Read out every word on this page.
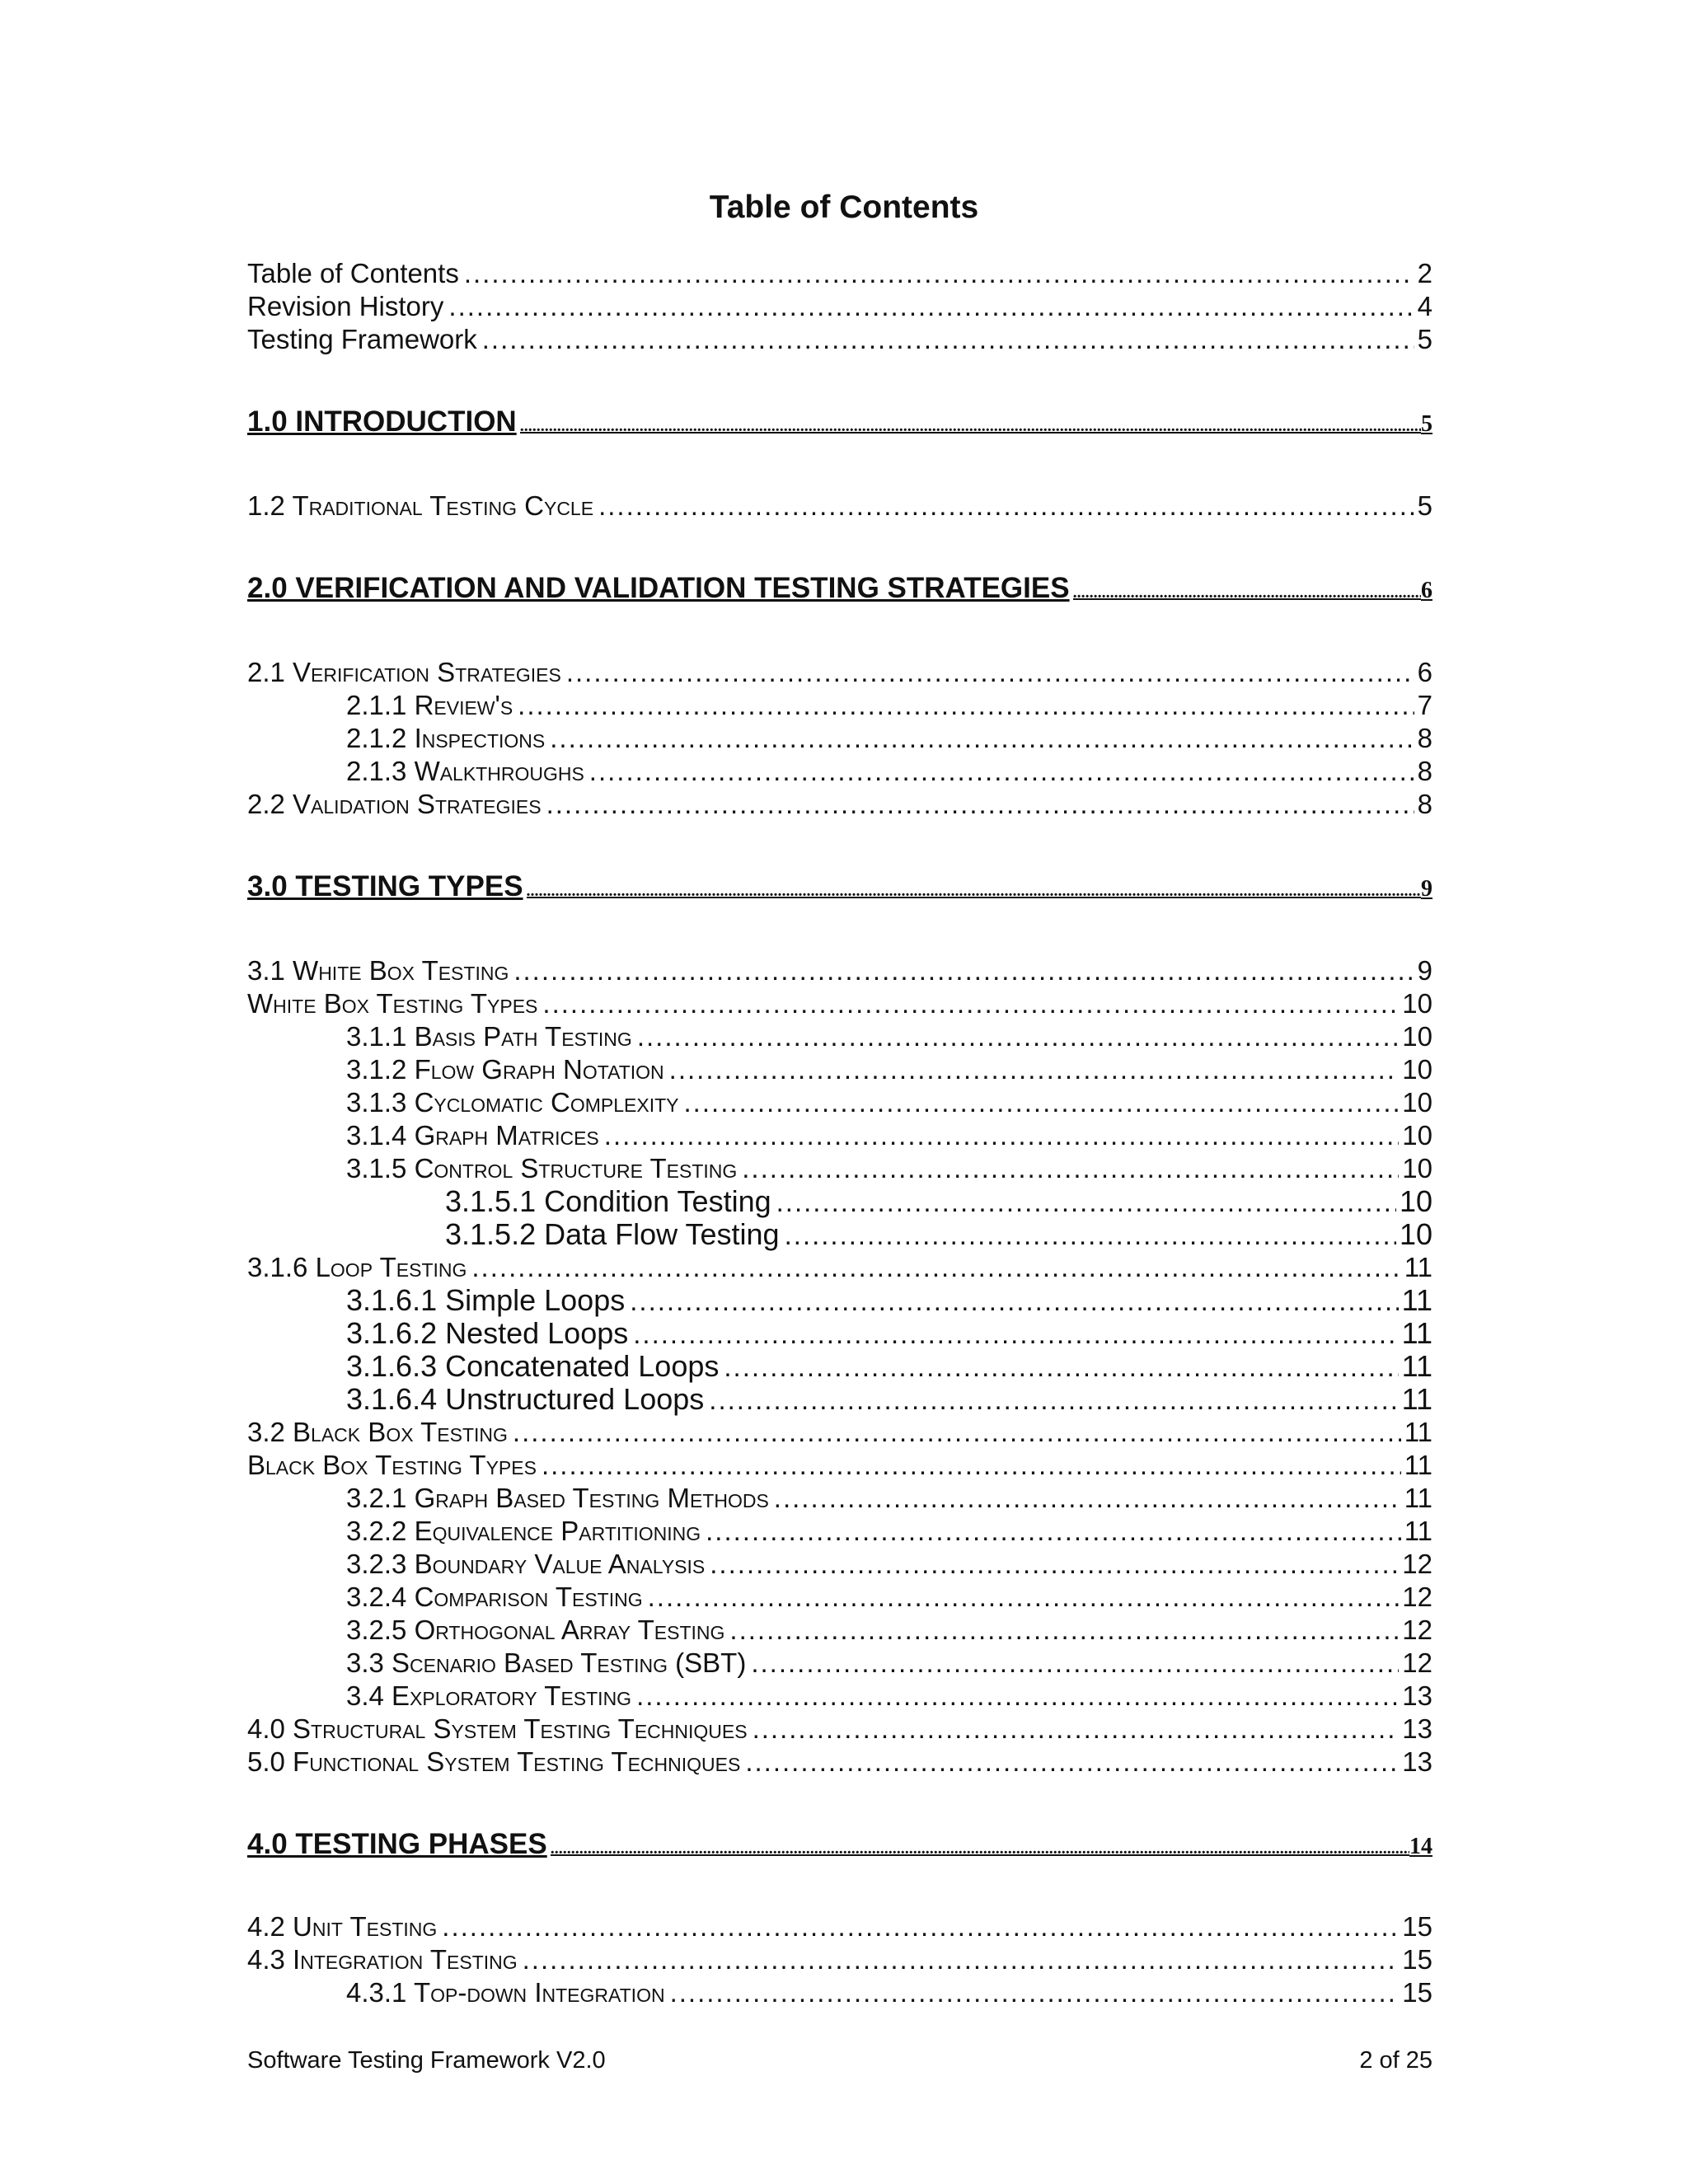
Table of Contents
Table of Contents .....	2
Revision History .....	4
Testing Framework .....	5
1.0 INTRODUCTION .....	5
1.2 Traditional Testing Cycle .....	5
2.0 VERIFICATION AND VALIDATION TESTING STRATEGIES .....	6
2.1 Verification Strategies .....	6
2.1.1 Review's .....	7
2.1.2 Inspections .....	8
2.1.3 Walkthroughs .....	8
2.2 Validation Strategies .....	8
3.0 TESTING TYPES .....	9
3.1 White Box Testing .....	9
White Box Testing Types .....	10
3.1.1 Basis Path Testing .....	10
3.1.2 Flow Graph Notation .....	10
3.1.3 Cyclomatic Complexity .....	10
3.1.4 Graph Matrices .....	10
3.1.5 Control Structure Testing .....	10
3.1.5.1 Condition Testing .....	10
3.1.5.2 Data Flow Testing .....	10
3.1.6 Loop Testing .....	11
3.1.6.1 Simple Loops .....	11
3.1.6.2 Nested Loops .....	11
3.1.6.3 Concatenated Loops .....	11
3.1.6.4 Unstructured Loops .....	11
3.2 Black Box Testing .....	11
Black Box Testing Types .....	11
3.2.1 Graph Based Testing Methods .....	11
3.2.2 Equivalence Partitioning .....	11
3.2.3 Boundary Value Analysis .....	12
3.2.4 Comparison Testing .....	12
3.2.5 Orthogonal Array Testing .....	12
3.3 Scenario Based Testing (SBT) .....	12
3.4 Exploratory Testing .....	13
4.0 Structural System Testing Techniques .....	13
5.0 Functional System Testing Techniques .....	13
4.0 TESTING PHASES .....	14
4.2 Unit Testing .....	15
4.3 Integration Testing .....	15
4.3.1 Top-down Integration .....	15
Software Testing Framework V2.0	2 of 25
